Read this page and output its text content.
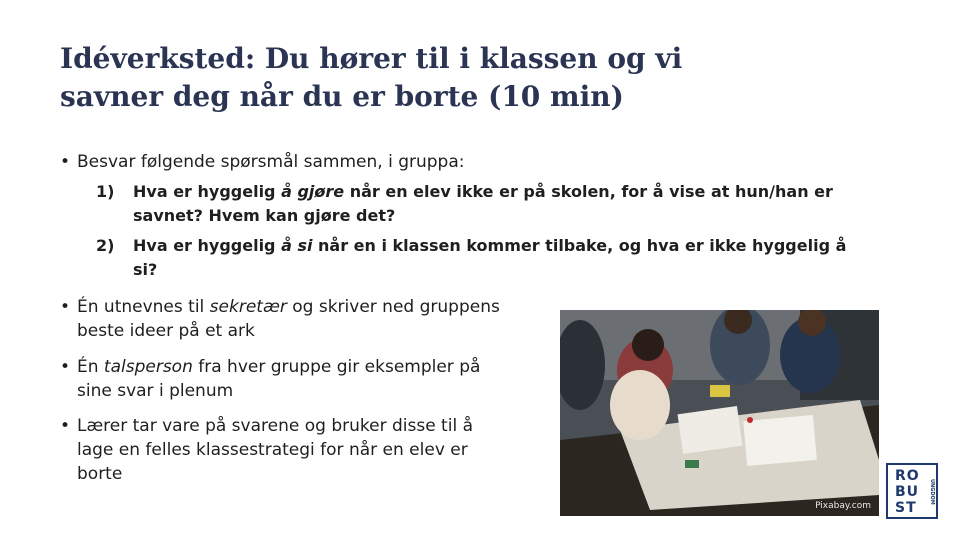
Idéverksted: Du hører til i klassen og vi
savner deg når du er borte (10 min)
• Besvar følgende spørsmål sammen, i gruppa:
1) Hva er hyggelig å gjøre når en elev ikke er på skolen, for å vise at hun/han er
savnet? Hvem kan gjøre det?
2) Hva er hyggelig å si når en i klassen kommer tilbake, og hva er ikke hyggelig å
si?
• Én utnevnes til sekretær og skriver ned gruppens
beste ideer på et ark
• Én talsperson fra hver gruppe gir eksempler på
sine svar i plenum
• Lærer tar vare på svarene og bruker disse til å
lage en felles klassestrategi for når en elev er
borte
Pixabay.com
RO
BU
ST
UNGDOM
